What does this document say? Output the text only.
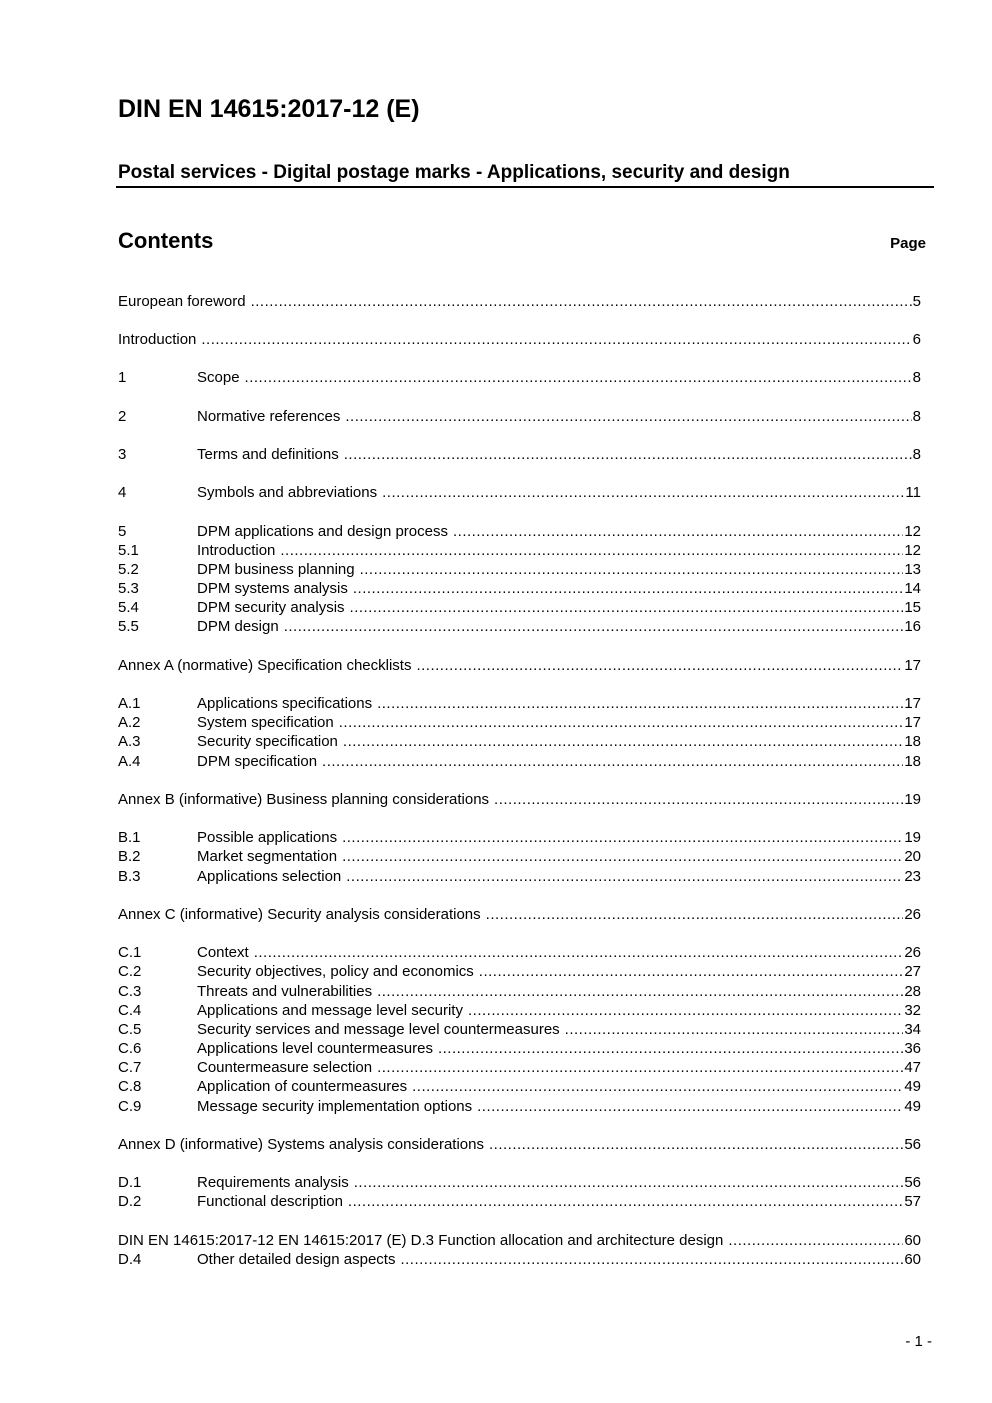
DIN EN 14615:2017-12 (E)
Postal services - Digital postage marks - Applications, security and design
Contents	Page
European foreword .....	5
Introduction .....	6
1	Scope .....	8
2	Normative references .....	8
3	Terms and definitions .....	8
4	Symbols and abbreviations .....	11
5	DPM applications and design process .....	12
5.1	Introduction .....	12
5.2	DPM business planning .....	13
5.3	DPM systems analysis .....	14
5.4	DPM security analysis .....	15
5.5	DPM design .....	16
Annex A (normative) Specification checklists .....	17
A.1	Applications specifications .....	17
A.2	System specification .....	17
A.3	Security specification .....	18
A.4	DPM specification .....	18
Annex B (informative) Business planning considerations .....	19
B.1	Possible applications .....	19
B.2	Market segmentation .....	20
B.3	Applications selection .....	23
Annex C (informative) Security analysis considerations .....	26
C.1	Context .....	26
C.2	Security objectives, policy and economics .....	27
C.3	Threats and vulnerabilities .....	28
C.4	Applications and message level security .....	32
C.5	Security services and message level countermeasures .....	34
C.6	Applications level countermeasures .....	36
C.7	Countermeasure selection .....	47
C.8	Application of countermeasures .....	49
C.9	Message security implementation options .....	49
Annex D (informative) Systems analysis considerations .....	56
D.1	Requirements analysis .....	56
D.2	Functional description .....	57
DIN EN 14615:2017-12 EN 14615:2017 (E) D.3 Function allocation and architecture design .....	60
D.4	Other detailed design aspects .....	60
- 1 -
